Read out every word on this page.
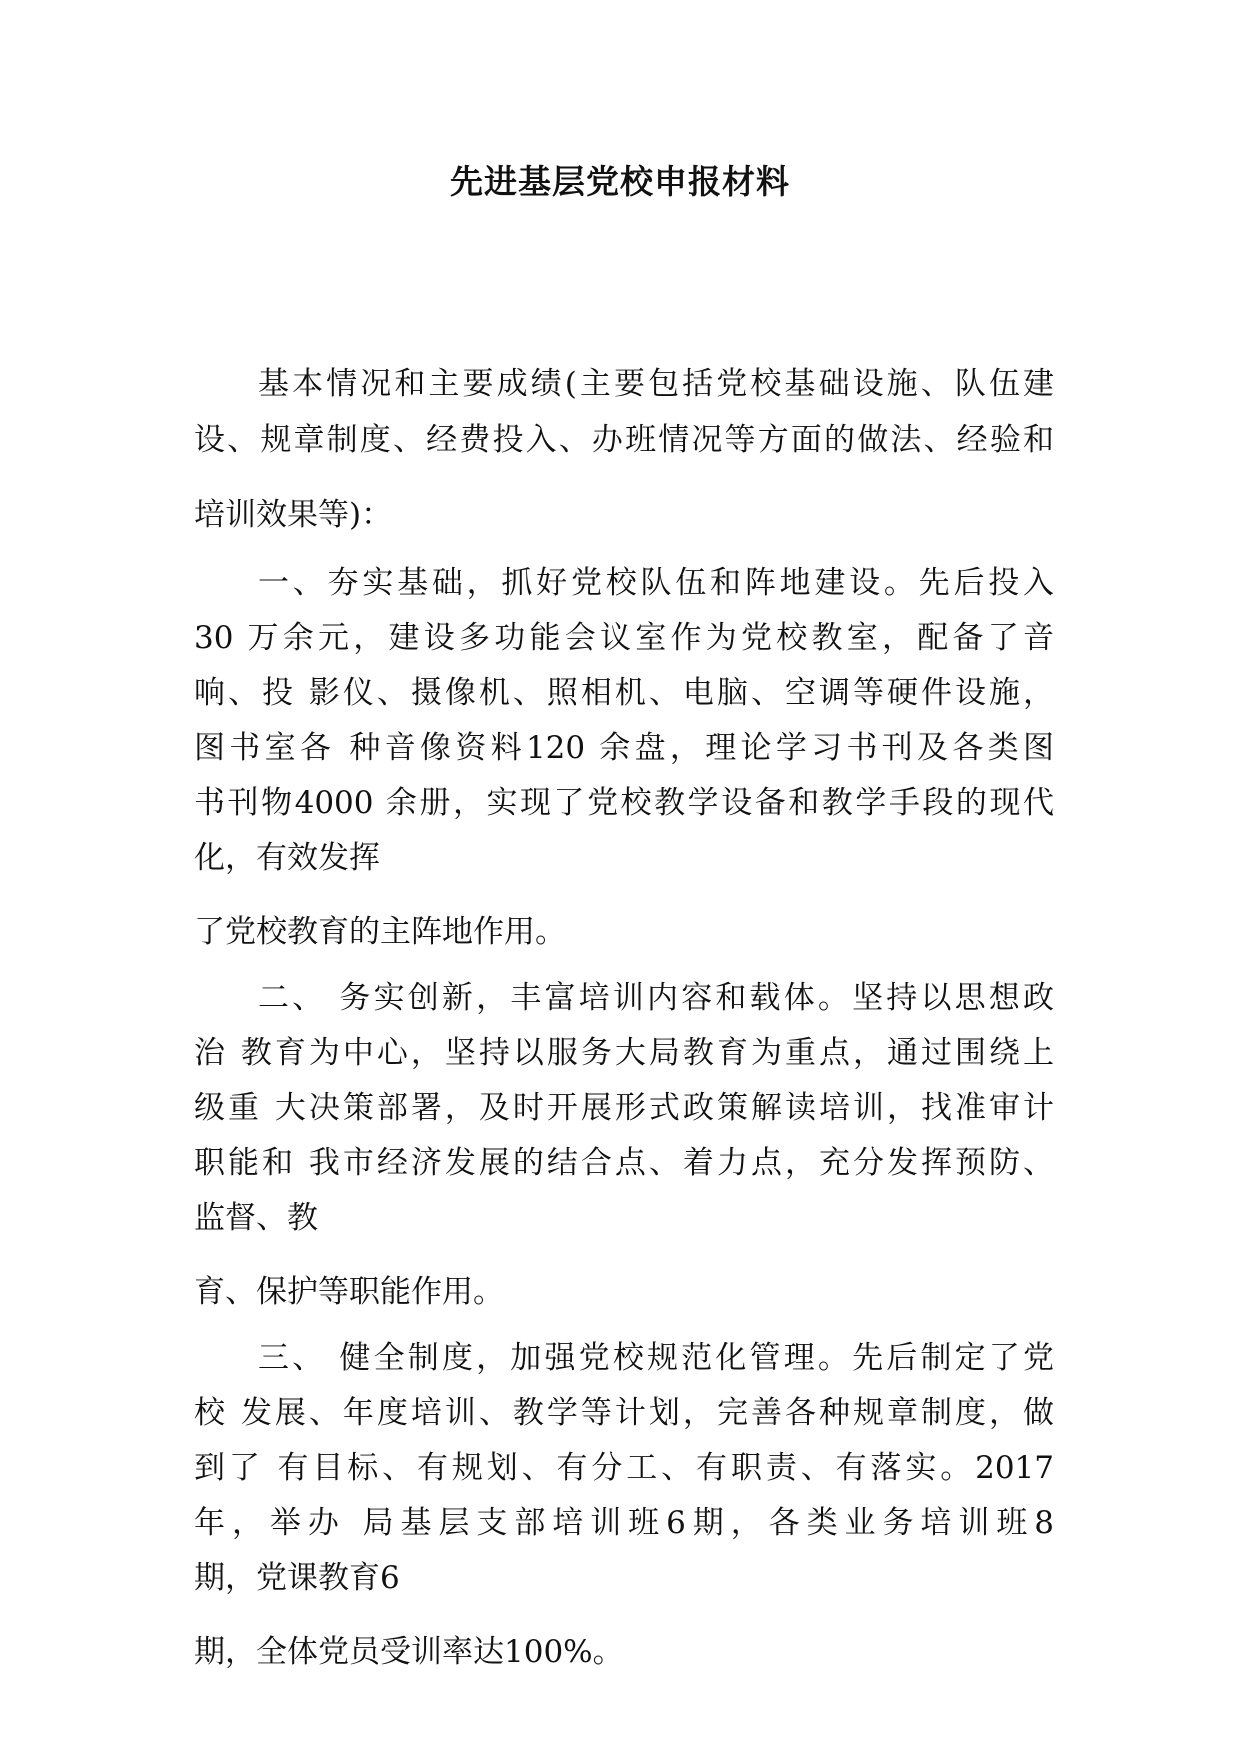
先进基层党校申报材料
基本情况和主要成绩(主要包括党校基础设施、队伍建
设、规章制度、经费投入、办班情况等方面的做法、经验和
培训效果等)：
一、夯实基础，抓好党校队伍和阵地建设。先后投入
30 万余元，建设多功能会议室作为党校教室，配备了音
响、投 影仪、摄像机、照相机、电脑、空调等硬件设施，
图书室各 种音像资料120 余盘，理论学习书刊及各类图
书刊物4000 余册，实现了党校教学设备和教学手段的现代
化，有效发挥
了党校教育的主阵地作用。
二、 务实创新，丰富培训内容和载体。坚持以思想政
治 教育为中心，坚持以服务大局教育为重点，通过围绕上
级重 大决策部署，及时开展形式政策解读培训，找准审计
职能和 我市经济发展的结合点、着力点，充分发挥预防、
监督、教
育、保护等职能作用。
三、 健全制度，加强党校规范化管理。先后制定了党
校 发展、年度培训、教学等计划，完善各种规章制度，做
到了 有目标、有规划、有分工、有职责、有落实。2017
年，举办 局基层支部培训班6期，各类业务培训班8
期，党课教育6
期，全体党员受训率达100%。
